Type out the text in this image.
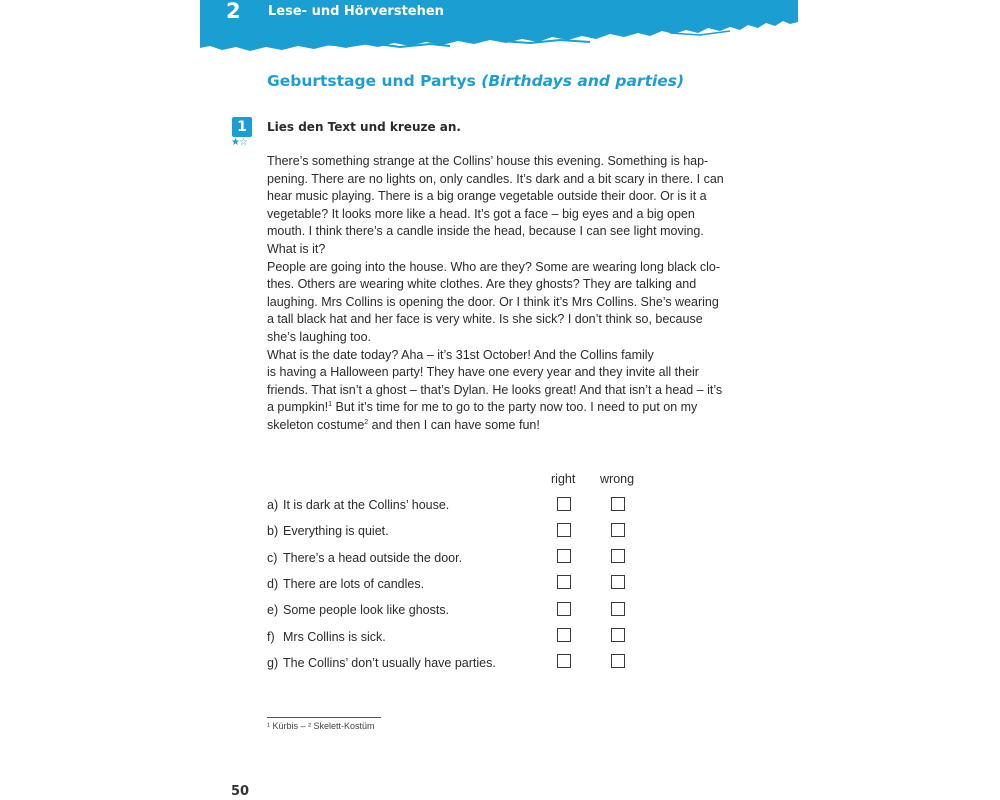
2 Lese- und Hörverstehen
Geburtstage und Partys (Birthdays and parties)
1
★☆
Lies den Text und kreuze an.
There’s something strange at the Collins’ house this evening. Something is hap-
pening. There are no lights on, only candles. It’s dark and a bit scary in there. I can
hear music playing. There is a big orange vegetable outside their door. Or is it a
vegetable? It looks more like a head. It’s got a face – big eyes and a big open
mouth. I think there’s a candle inside the head, because I can see light moving.
What is it?
People are going into the house. Who are they? Some are wearing long black clo-
thes. Others are wearing white clothes. Are they ghosts? They are talking and
laughing. Mrs Collins is opening the door. Or I think it’s Mrs Collins. She’s wearing
a tall black hat and her face is very white. Is she sick? I don’t think so, because
she’s laughing too.
What is the date today? Aha – it’s 31st October! And the Collins family
is having a Halloween party! They have one every year and they invite all their
friends. That isn’t a ghost – that’s Dylan. He looks great! And that isn’t a head – it’s
a pumpkin!$^1$ But it’s time for me to go to the party now too. I need to put on my
skeleton costume$^2$ and then I can have some fun!
right wrong
a) It is dark at the Collins’ house.
b) Everything is quiet.
c) There’s a head outside the door.
d) There are lots of candles.
e) Some people look like ghosts.
f) Mrs Collins is sick.
g) The Collins’ don’t usually have parties.
¹ Kürbis – ² Skelett-Kostüm
50
